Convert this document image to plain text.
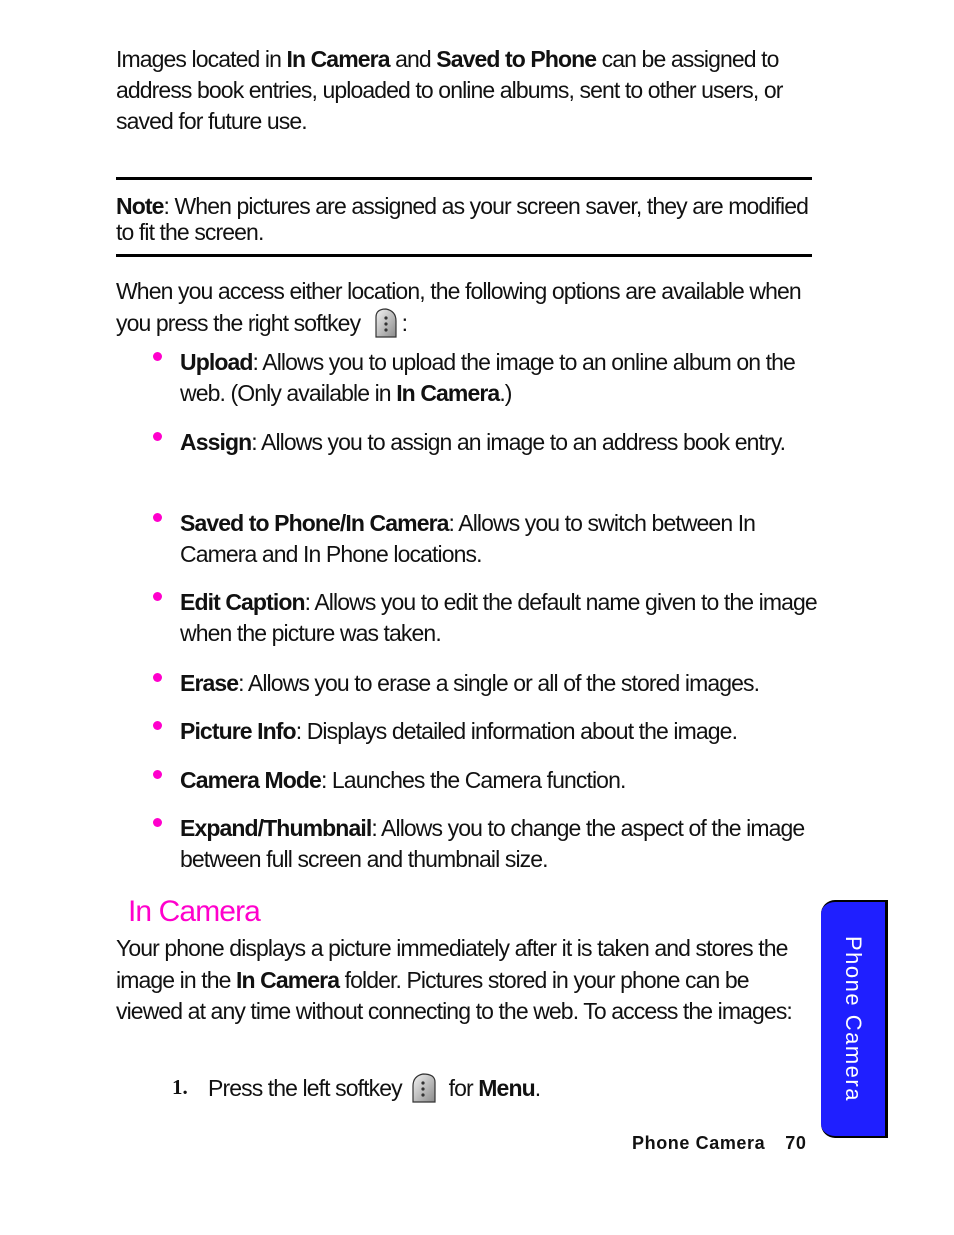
Images located in In Camera and Saved to Phone can be assigned to address book entries, uploaded to online albums, sent to other users, or saved for future use.
Note: When pictures are assigned as your screen saver, they are modified to fit the screen.
When you access either location, the following options are available when you press the right softkey :
Upload: Allows you to upload the image to an online album on the web. (Only available in In Camera.)
Assign: Allows you to assign an image to an address book entry.
Saved to Phone/In Camera: Allows you to switch between In Camera and In Phone locations.
Edit Caption: Allows you to edit the default name given to the image when the picture was taken.
Erase: Allows you to erase a single or all of the stored images.
Picture Info: Displays detailed information about the image.
Camera Mode: Launches the Camera function.
Expand/Thumbnail: Allows you to change the aspect of the image between full screen and thumbnail size.
In Camera
Your phone displays a picture immediately after it is taken and stores the image in the In Camera folder. Pictures stored in your phone can be viewed at any time without connecting to the web. To access the images:
1. Press the left softkey  for Menu.
Phone Camera 70
Phone Camera
